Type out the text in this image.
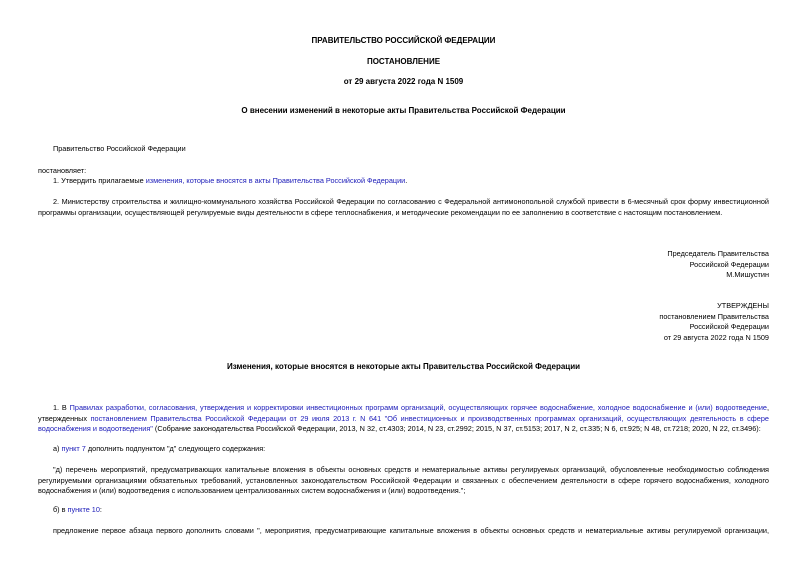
ПРАВИТЕЛЬСТВО РОССИЙСКОЙ ФЕДЕРАЦИИ
ПОСТАНОВЛЕНИЕ
от 29 августа 2022 года N 1509
О внесении изменений в некоторые акты Правительства Российской Федерации
Правительство Российской Федерации
постановляет:
1. Утвердить прилагаемые изменения, которые вносятся в акты Правительства Российской Федерации.
2. Министерству строительства и жилищно-коммунального хозяйства Российской Федерации по согласованию с Федеральной антимонопольной службой привести в 6-месячный срок форму инвестиционной программы организации, осуществляющей регулируемые виды деятельности в сфере теплоснабжения, и методические рекомендации по ее заполнению в соответствие с настоящим постановлением.
Председатель Правительства
Российской Федерации
М.Мишустин
УТВЕРЖДЕНЫ
постановлением Правительства
Российской Федерации
от 29 августа 2022 года N 1509
Изменения, которые вносятся в некоторые акты Правительства Российской Федерации
1. В Правилах разработки, согласования, утверждения и корректировки инвестиционных программ организаций, осуществляющих горячее водоснабжение, холодное водоснабжение и (или) водоотведение, утвержденных постановлением Правительства Российской Федерации от 29 июля 2013 г. N 641 "Об инвестиционных и производственных программах организаций, осуществляющих деятельность в сфере водоснабжения и водоотведения" (Собрание законодательства Российской Федерации, 2013, N 32, ст.4303; 2014, N 23, ст.2992; 2015, N 37, ст.5153; 2017, N 2, ст.335; N 6, ст.925; N 48, ст.7218; 2020, N 22, ст.3496):
а) пункт 7 дополнить подпунктом "д" следующего содержания:
"д) перечень мероприятий, предусматривающих капитальные вложения в объекты основных средств и нематериальные активы регулируемых организаций, обусловленные необходимостью соблюдения регулируемыми организациями обязательных требований, установленных законодательством Российской Федерации и связанных с обеспечением деятельности в сфере горячего водоснабжения, холодного водоснабжения и (или) водоотведения с использованием централизованных систем водоснабжения и (или) водоотведения.";
б) в пункте 10:
предложение первое абзаца первого дополнить словами ", мероприятия, предусматривающие капитальные вложения в объекты основных средств и нематериальные активы регулируемой организации,
